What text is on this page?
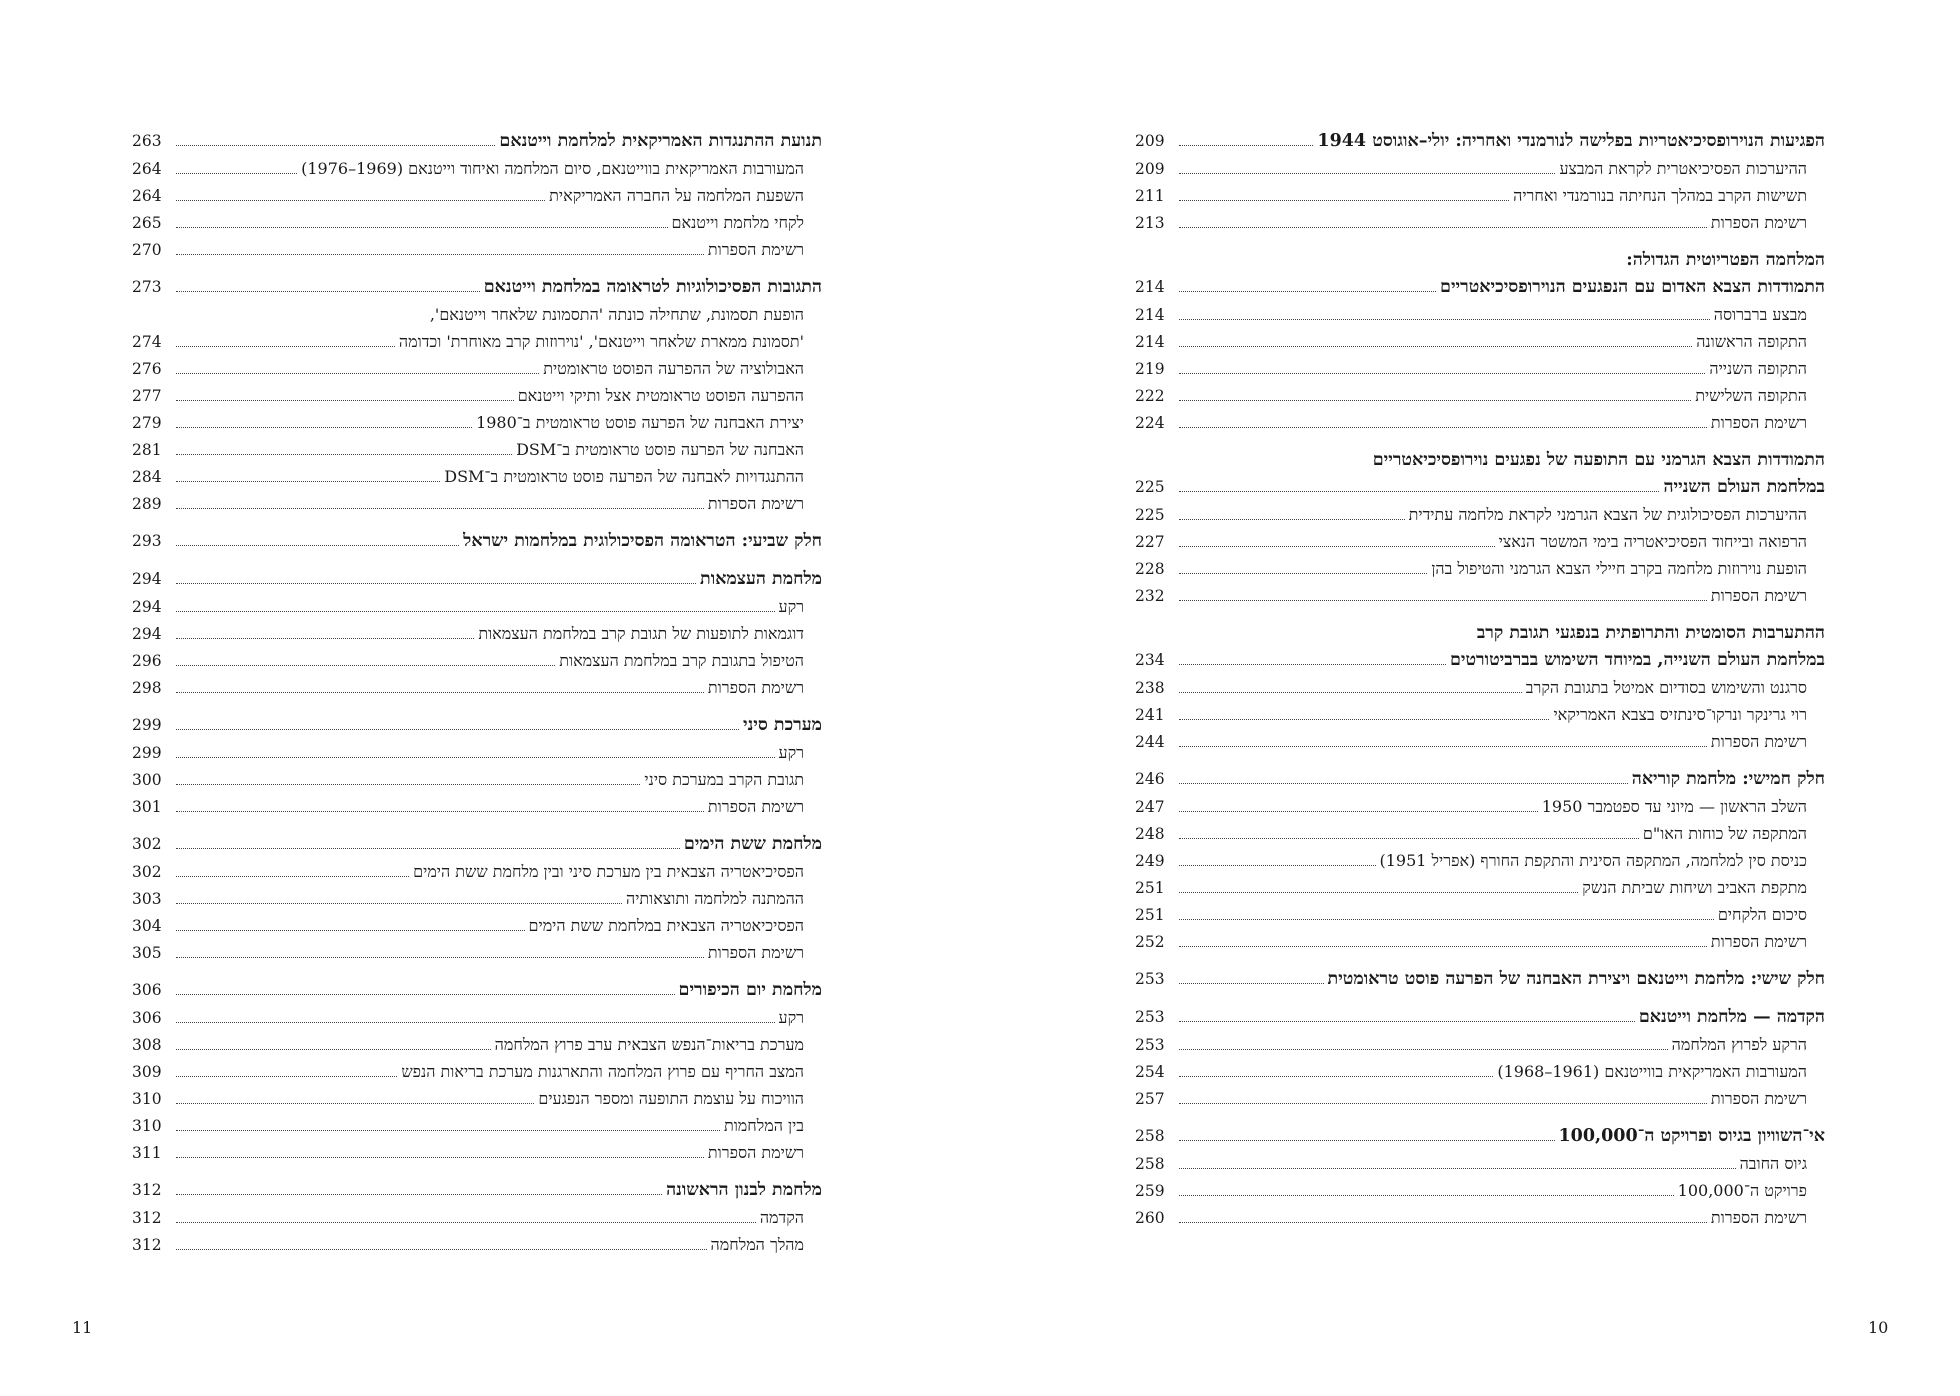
הפגיעות הנוירופסיכיאטריות בפלישה לנורמנדי ואחריה: יולי–אוגוסט 1944
209
ההיערכות הפסיכיאטרית לקראת המבצע
209
תשישות הקרב במהלך הנחיתה בנורמנדי ואחריה
211
רשימת הספרות
213
המלחמה הפטריוטית הגדולה:
התמודדות הצבא האדום עם הנפגעים הנוירופסיכיאטריים
214
מבצע ברברוסה
214
התקופה הראשונה
214
התקופה השנייה
219
התקופה השלישית
222
רשימת הספרות
224
התמודדות הצבא הגרמני עם התופעה של נפגעים נוירופסיכיאטריים
במלחמת העולם השנייה
225
ההיערכות הפסיכולוגית של הצבא הגרמני לקראת מלחמה עתידית
225
הרפואה ובייחוד הפסיכיאטריה בימי המשטר הנאצי
227
הופעת נוירוזות מלחמה בקרב חיילי הצבא הגרמני והטיפול בהן
228
רשימת הספרות
232
ההתערבות הסומטית והתרופתית בנפגעי תגובת קרב
במלחמת העולם השנייה, במיוחד השימוש בברביטורטים
234
סרגנט והשימוש בסודיום אמיטל בתגובת הקרב
238
רוי גרינקר ונרקו־סינתזיס בצבא האמריקאי
241
רשימת הספרות
244
חלק חמישי: מלחמת קוריאה
246
השלב הראשון — מיוני עד ספטמבר 1950
247
המתקפה של כוחות האו"ם
248
כניסת סין למלחמה, המתקפה הסינית והתקפת החורף (אפריל 1951)
249
מתקפת האביב ושיחות שביתת הנשק
251
סיכום הלקחים
251
רשימת הספרות
252
חלק שישי: מלחמת וייטנאם ויצירת האבחנה של הפרעה פוסט טראומטית
253
הקדמה — מלחמת וייטנאם
253
הרקע לפרוץ המלחמה
253
המעורבות האמריקאית בווייטנאם (1961–1968)
254
רשימת הספרות
257
אי־השוויון בגיוס ופרויקט ה־100,000
258
גיוס החובה
258
פרויקט ה־100,000
259
רשימת הספרות
260
10
תנועת ההתנגדות האמריקאית למלחמת וייטנאם
263
המעורבות האמריקאית בווייטנאם, סיום המלחמה ואיחוד וייטנאם (1969–1976)
264
השפעת המלחמה על החברה האמריקאית
264
לקחי מלחמת וייטנאם
265
רשימת הספרות
270
התגובות הפסיכולוגיות לטראומה במלחמת וייטנאם
273
הופעת תסמונת, שתחילה כונתה 'התסמונת שלאחר וייטנאם',
'תסמונת ממארת שלאחר וייטנאם', 'נוירוזות קרב מאוחרת' וכדומה
274
האבולוציה של ההפרעה הפוסט טראומטית
276
ההפרעה הפוסט טראומטית אצל ותיקי וייטנאם
277
יצירת האבחנה של הפרעה פוסט טראומטית ב־1980
279
האבחנה של הפרעה פוסט טראומטית ב־DSM
281
ההתנגדויות לאבחנה של הפרעה פוסט טראומטית ב־DSM
284
רשימת הספרות
289
חלק שביעי: הטראומה הפסיכולוגית במלחמות ישראל
293
מלחמת העצמאות
294
רקע
294
דוגמאות לתופעות של תגובת קרב במלחמת העצמאות
294
הטיפול בתגובת קרב במלחמת העצמאות
296
רשימת הספרות
298
מערכת סיני
299
רקע
299
תגובת הקרב במערכת סיני
300
רשימת הספרות
301
מלחמת ששת הימים
302
הפסיכיאטריה הצבאית בין מערכת סיני ובין מלחמת ששת הימים
302
ההמתנה למלחמה ותוצאותיה
303
הפסיכיאטריה הצבאית במלחמת ששת הימים
304
רשימת הספרות
305
מלחמת יום הכיפורים
306
רקע
306
מערכת בריאות־הנפש הצבאית ערב פרוץ המלחמה
308
המצב החריף עם פרוץ המלחמה והתארגנות מערכת בריאות הנפש
309
הוויכוח על עוצמת התופעה ומספר הנפגעים
310
בין המלחמות
310
רשימת הספרות
311
מלחמת לבנון הראשונה
312
הקדמה
312
מהלך המלחמה
312
11
